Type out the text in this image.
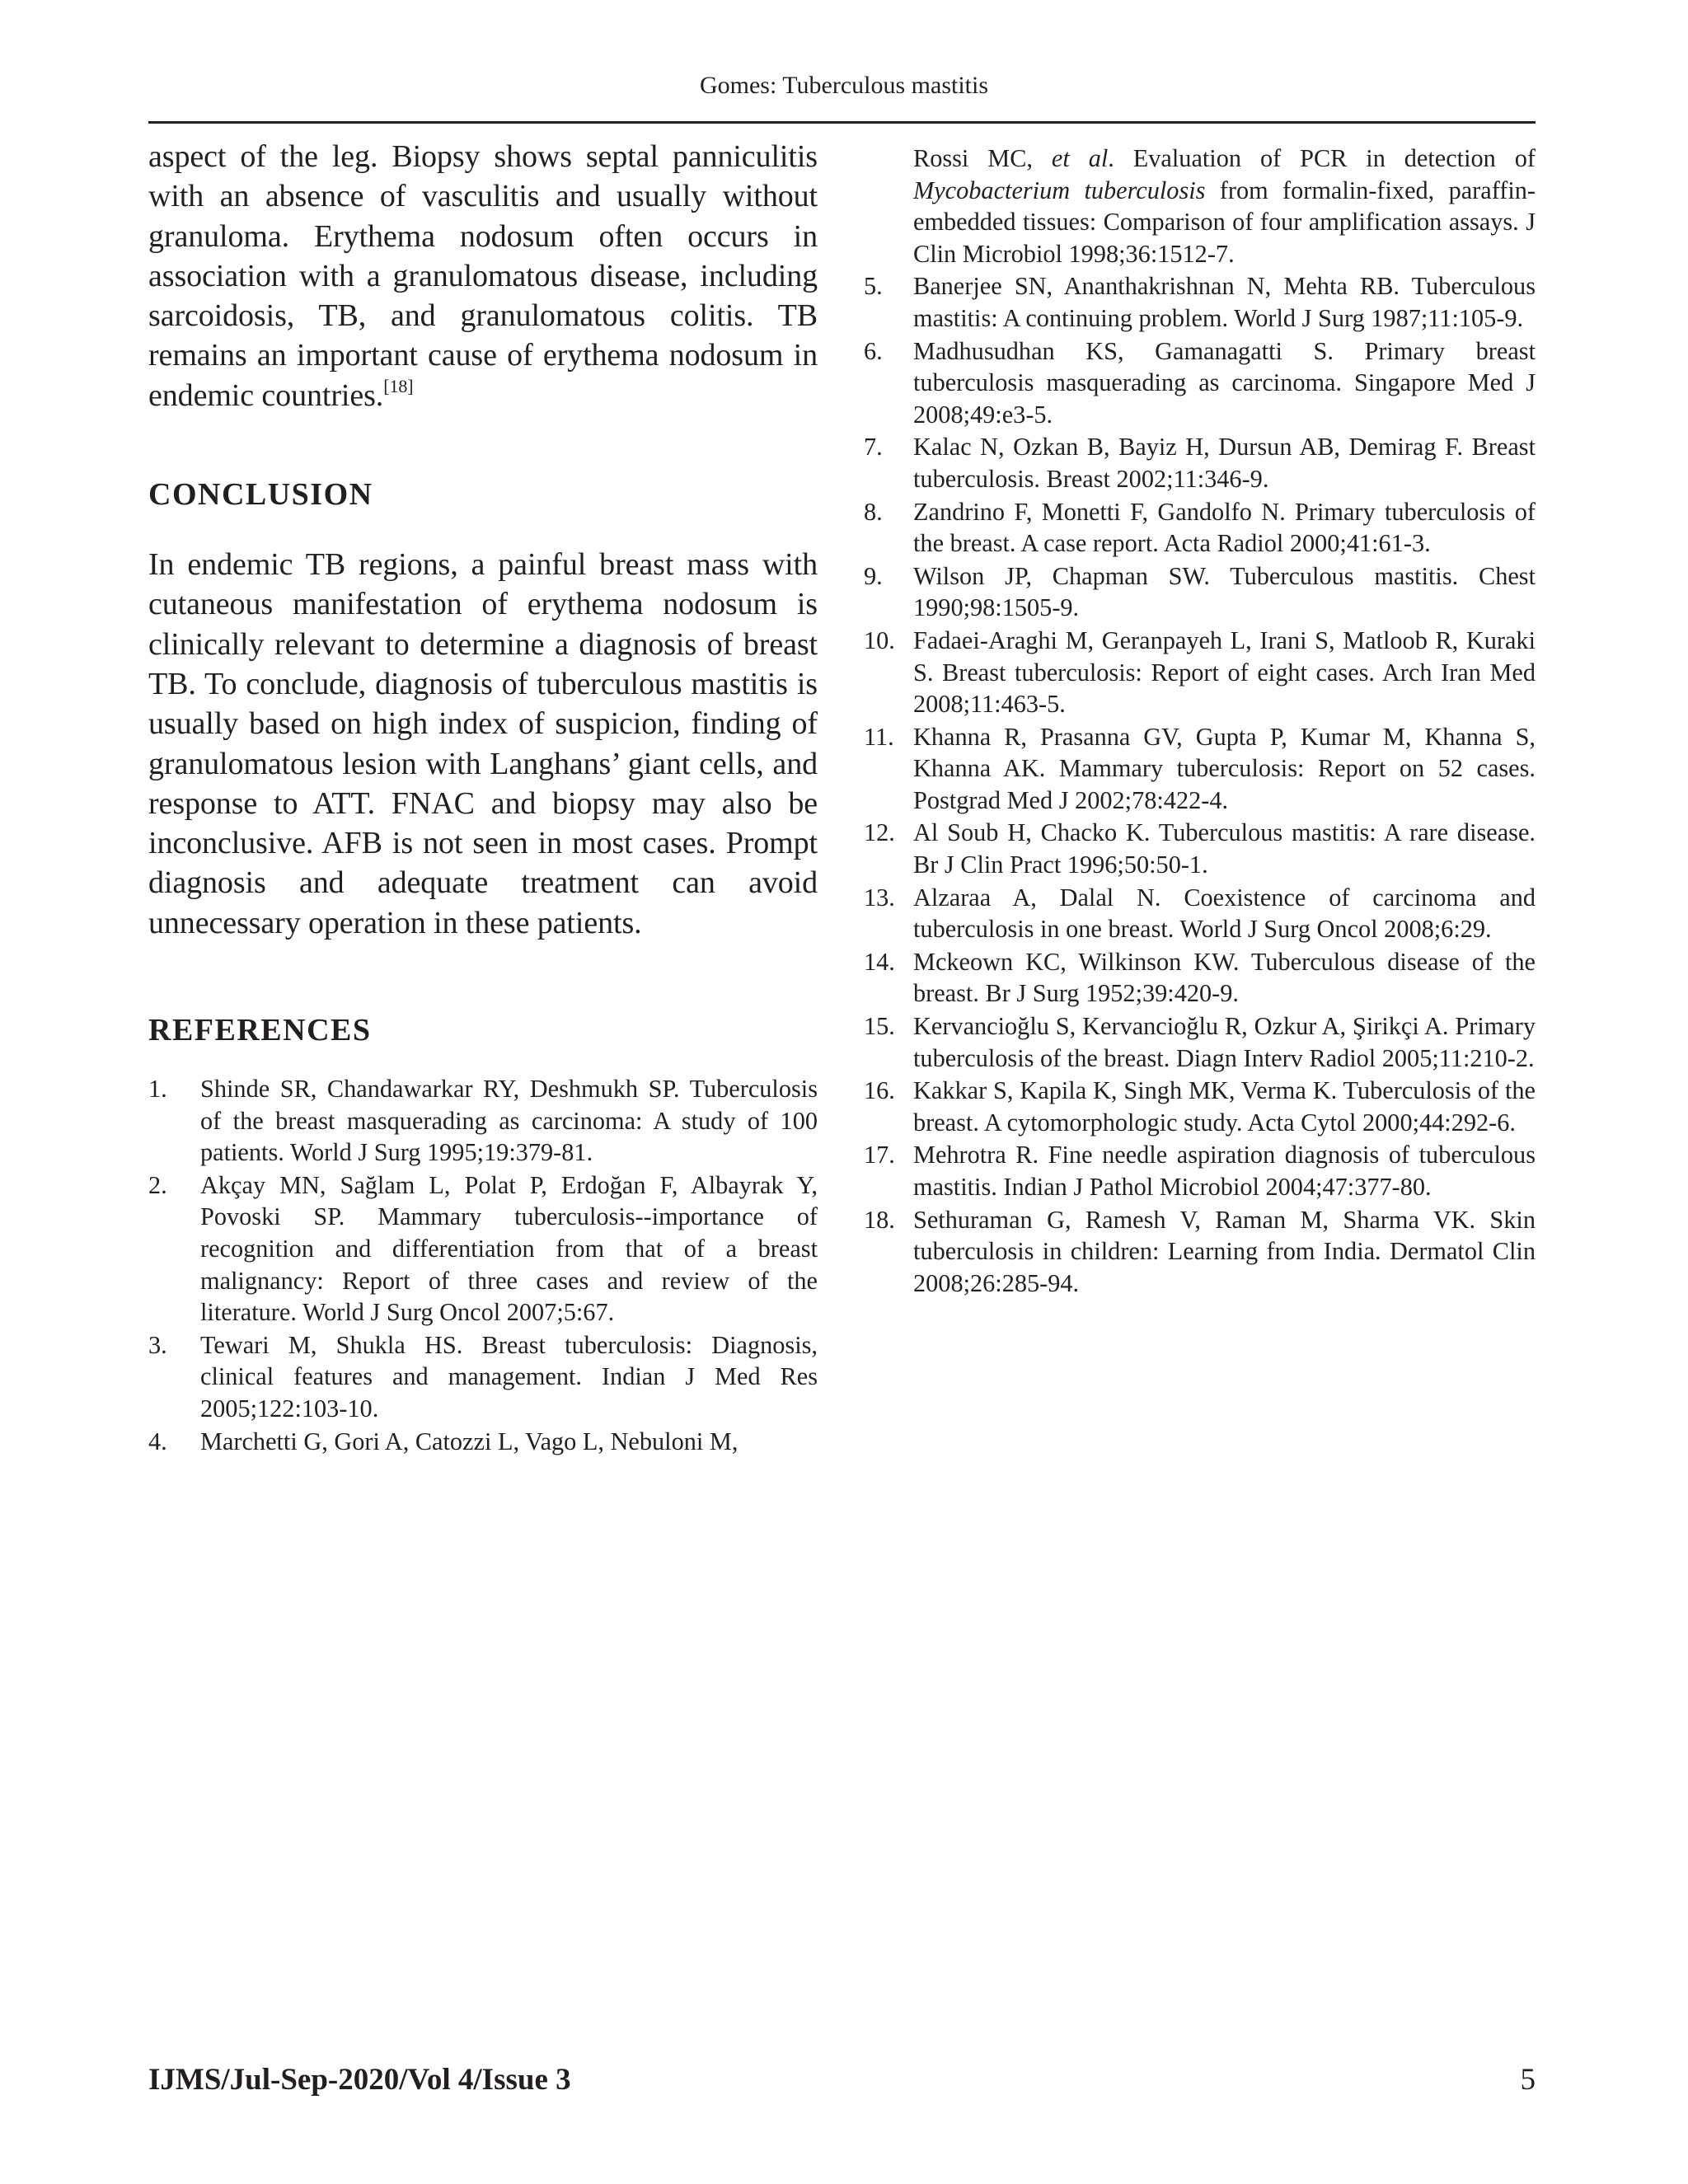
Gomes: Tuberculous mastitis

aspect of the leg. Biopsy shows septal panniculitis with an absence of vasculitis and usually without granuloma. Erythema nodosum often occurs in association with a granulomatous disease, including sarcoidosis, TB, and granulomatous colitis. TB remains an important cause of erythema nodosum in endemic countries.[18]

CONCLUSION

In endemic TB regions, a painful breast mass with cutaneous manifestation of erythema nodosum is clinically relevant to determine a diagnosis of breast TB. To conclude, diagnosis of tuberculous mastitis is usually based on high index of suspicion, finding of granulomatous lesion with Langhans’ giant cells, and response to ATT. FNAC and biopsy may also be inconclusive. AFB is not seen in most cases. Prompt diagnosis and adequate treatment can avoid unnecessary operation in these patients.

REFERENCES
1. Shinde SR, Chandawarkar RY, Deshmukh SP. Tuberculosis of the breast masquerading as carcinoma: A study of 100 patients. World J Surg 1995;19:379-81.
2. Akçay MN, Sağlam L, Polat P, Erdoğan F, Albayrak Y, Povoski SP. Mammary tuberculosis--importance of recognition and differentiation from that of a breast malignancy: Report of three cases and review of the literature. World J Surg Oncol 2007;5:67.
3. Tewari M, Shukla HS. Breast tuberculosis: Diagnosis, clinical features and management. Indian J Med Res 2005;122:103-10.
4. Marchetti G, Gori A, Catozzi L, Vago L, Nebuloni M,

Rossi MC, et al. Evaluation of PCR in detection of Mycobacterium tuberculosis from formalin-fixed, paraffin-embedded tissues: Comparison of four amplification assays. J Clin Microbiol 1998;36:1512-7.

5. Banerjee SN, Ananthakrishnan N, Mehta RB. Tuberculous mastitis: A continuing problem. World J Surg 1987;11:105-9.
6. Madhusudhan KS, Gamanagatti S. Primary breast tuberculosis masquerading as carcinoma. Singapore Med J 2008;49:e3-5.
7. Kalac N, Ozkan B, Bayiz H, Dursun AB, Demirag F. Breast tuberculosis. Breast 2002;11:346-9.
8. Zandrino F, Monetti F, Gandolfo N. Primary tuberculosis of the breast. A case report. Acta Radiol 2000;41:61-3.
9. Wilson JP, Chapman SW. Tuberculous mastitis. Chest 1990;98:1505-9.
10. Fadaei-Araghi M, Geranpayeh L, Irani S, Matloob R, Kuraki S. Breast tuberculosis: Report of eight cases. Arch Iran Med 2008;11:463-5.
11. Khanna R, Prasanna GV, Gupta P, Kumar M, Khanna S, Khanna AK. Mammary tuberculosis: Report on 52 cases. Postgrad Med J 2002;78:422-4.
12. Al Soub H, Chacko K. Tuberculous mastitis: A rare disease. Br J Clin Pract 1996;50:50-1.
13. Alzaraa A, Dalal N. Coexistence of carcinoma and tuberculosis in one breast. World J Surg Oncol 2008;6:29.
14. Mckeown KC, Wilkinson KW. Tuberculous disease of the breast. Br J Surg 1952;39:420-9.
15. Kervancioğlu S, Kervancioğlu R, Ozkur A, Şirikçi A. Primary tuberculosis of the breast. Diagn Interv Radiol 2005;11:210-2.
16. Kakkar S, Kapila K, Singh MK, Verma K. Tuberculosis of the breast. A cytomorphologic study. Acta Cytol 2000;44:292-6.
17. Mehrotra R. Fine needle aspiration diagnosis of tuberculous mastitis. Indian J Pathol Microbiol 2004;47:377-80.
18. Sethuraman G, Ramesh V, Raman M, Sharma VK. Skin tuberculosis in children: Learning from India. Dermatol Clin 2008;26:285-94.
IJMS/Jul-Sep-2020/Vol 4/Issue 3	5
